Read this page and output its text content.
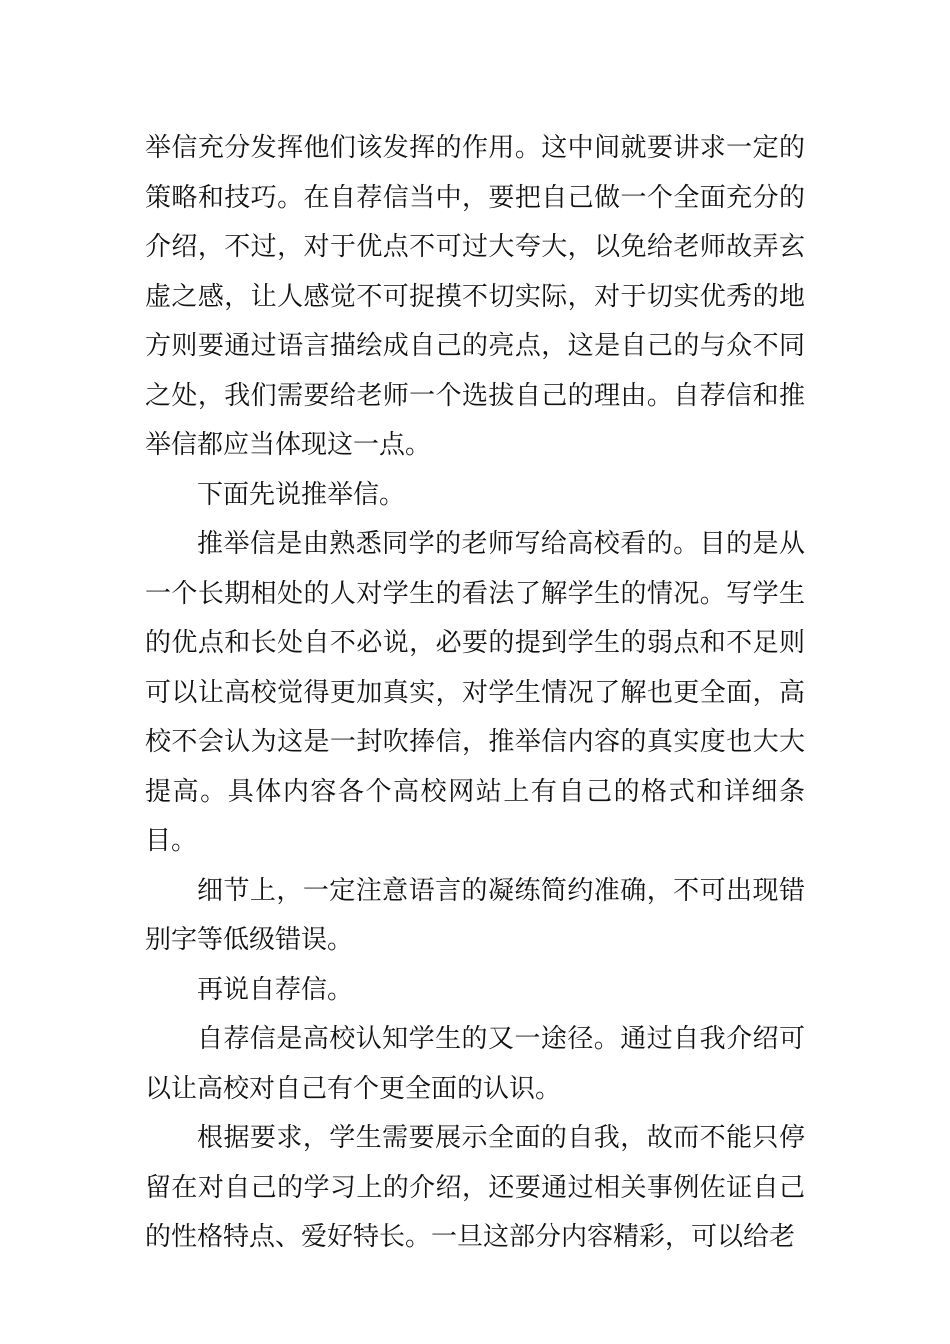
举信充分发挥他们该发挥的作用。这中间就要讲求一定的策略和技巧。在自荐信当中，要把自己做一个全面充分的介绍，不过，对于优点不可过大夸大，以免给老师故弄玄虚之感，让人感觉不可捉摸不切实际，对于切实优秀的地方则要通过语言描绘成自己的亮点，这是自己的与众不同之处，我们需要给老师一个选拔自己的理由。自荐信和推举信都应当体现这一点。

下面先说推举信。

推举信是由熟悉同学的老师写给高校看的。目的是从一个长期相处的人对学生的看法了解学生的情况。写学生的优点和长处自不必说，必要的提到学生的弱点和不足则可以让高校觉得更加真实，对学生情况了解也更全面，高校不会认为这是一封吹捧信，推举信内容的真实度也大大提高。具体内容各个高校网站上有自己的格式和详细条目。

细节上，一定注意语言的凝练简约准确，不可出现错别字等低级错误。

再说自荐信。

自荐信是高校认知学生的又一途径。通过自我介绍可以让高校对自己有个更全面的认识。

根据要求，学生需要展示全面的自我，故而不能只停留在对自己的学习上的介绍，还要通过相关事例佐证自己的性格特点、爱好特长。一旦这部分内容精彩，可以给老
